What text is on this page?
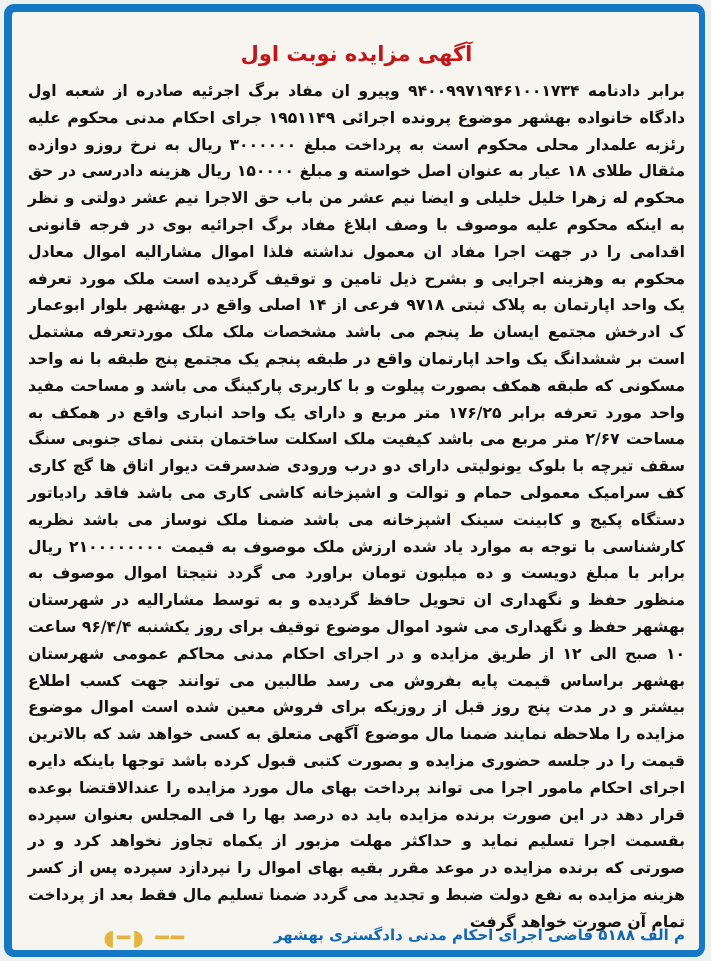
آگهی مزایده نوبت اول

برابر دادنامه ۹۴۰۰۹۹۷۱۹۴۶۱۰۰۱۷۳۴ وپیرو ان مفاد برگ اجرئیه صادره از شعبه اول دادگاه خانواده بهشهر موضوع پرونده اجرائی ۱۹۵۱۱۴۹ جرای احکام مدنی محکوم علیه رئزبه علمدار محلی محکوم است به پرداخت مبلغ ۳۰۰۰۰۰۰ ریال به نرخ روزو دوازده مثقال طلای ۱۸ عیار به عنوان اصل خواسته و مبلغ ۱۵۰۰۰۰ ریال هزینه دادرسی در حق محکوم له زهرا خلیل خلیلی و ایضا نیم عشر من باب حق الاجرا نیم عشر دولتی و نظر به اینکه محکوم علیه موصوف با وصف ابلاغ مفاد برگ اجرائیه بوی در فرجه قانونی اقدامی را در جهت اجرا مفاد ان معمول نداشته فلذا اموال مشارالیه اموال معادل محکوم به وهزینه اجرایی و بشرح ذیل تامین و توقیف گردیده است ملک مورد تعرفه یک واحد اپارتمان به پلاک ثبتی ۹۷۱۸ فرعی از ۱۴ اصلی واقع در بهشهر بلوار ابوعمار ک ادرخش مجتمع ایسان ط پنجم می باشد مشخصات ملک ملک موردتعرفه مشتمل است بر ششدانگ یک واحد اپارتمان واقع در طبقه پنجم یک مجتمع پنج طبقه با نه واحد مسکونی که طبقه همکف بصورت پیلوت و با کاربری پارکینگ می باشد و مساحت مفید واحد مورد تعرفه برابر ۱۷۶/۲۵ متر مربع و دارای یک واحد انباری واقع در همکف به مساحت ۲/۶۷ متر مربع می باشد کیفیت ملک اسکلت ساختمان بتنی نمای جنوبی سنگ سقف تیرچه با بلوک یونولیتی دارای دو درب ورودی ضدسرقت دیوار اتاق ها گچ کاری کف سرامیک معمولی حمام و توالت و اشپزخانه کاشی کاری می باشد فاقد رادیاتور دستگاه پکیج و کابینت سینک اشپزخانه می باشد ضمنا ملک نوساز می باشد نظریه کارشناسی با توجه به موارد یاد شده ارزش ملک موصوف به قیمت ۲۱۰۰۰۰۰۰۰۰ ریال برابر با مبلغ دویست و ده میلیون تومان براورد می گردد نتیجتا اموال موصوف به منظور حفظ و نگهداری ان تحویل حافظ گردیده و به توسط مشارالیه در شهرستان بهشهر حفظ و نگهداری می شود اموال موضوع توقیف برای روز یکشنبه ۹۶/۴/۴ ساعت ۱۰ صبح الی ۱۲ از طریق مزایده و در اجرای احکام مدنی محاکم عمومی شهرستان بهشهر براساس قیمت پایه بفروش می رسد طالبین می توانند جهت کسب اطلاع بیشتر و در مدت پنج روز قبل از روزیکه برای فروش معین شده است اموال موضوع مزایده را ملاحظه نمایند ضمنا مال موضوع آگهی متعلق به کسی خواهد شد که بالاترین قیمت را در جلسه حضوری مزایده و بصورت کتبی قبول کرده باشد توجها باینکه دایره اجرای احکام مامور اجرا می تواند پرداخت بهای مال مورد مزایده را عندالاقتضا بوعده قرار دهد در این صورت برنده مزایده باید ده درصد بها را فی المجلس بعنوان سپرده بقسمت اجرا تسلیم نماید و حداکثر مهلت مزبور از یکماه تجاوز نخواهد کرد و در صورتی که برنده مزایده در موعد مقرر بقیه بهای اموال را نپردازد سپرده پس از کسر هزینه مزایده به نفع دولت ضبط و تجدید می گردد ضمنا تسلیم مال فقط بعد از پرداخت تمام آن صورت خواهد گرفت

م الف ۵۱۸۸ قاضی اجرای احکام مدنی دادگستری بهشهر
◖━◗ ━━
